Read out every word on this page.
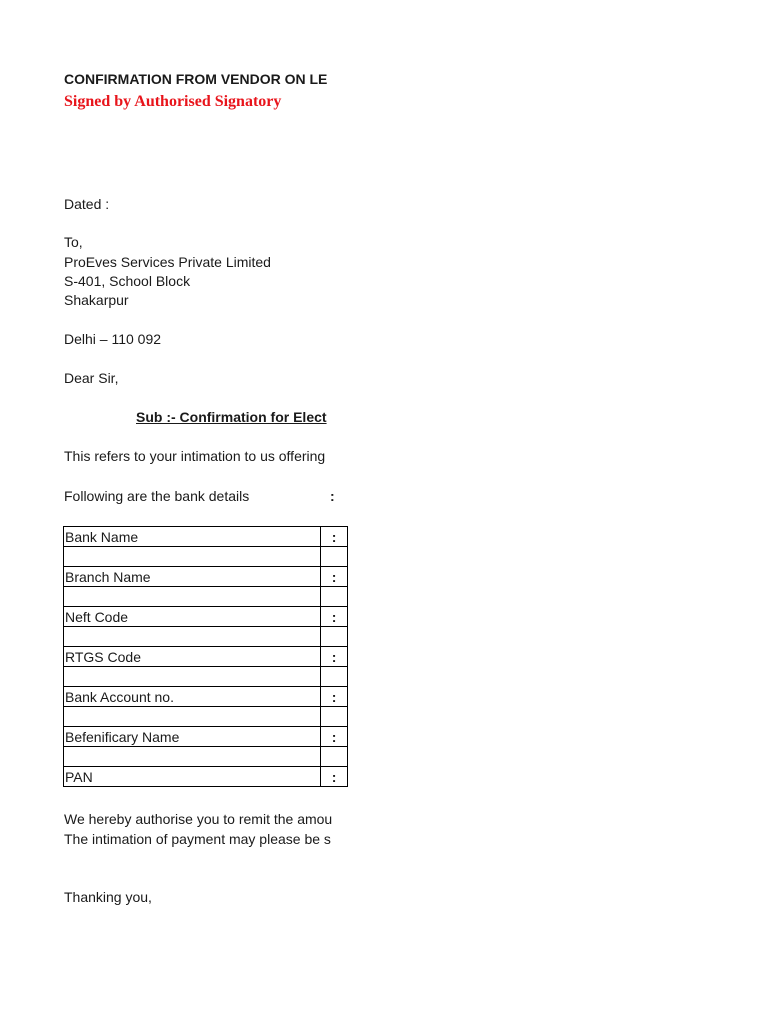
CONFIRMATION FROM VENDOR ON LE
Signed by Authorised Signatory
Dated :
To,
ProEves Services Private Limited
S-401, School Block
Shakarpur
Delhi – 110 092
Dear Sir,
Sub :- Confirmation for Elect
This refers to your intimation to us offering
Following are the bank details	:
Bank Name	:

Branch Name	:

Neft Code	:

RTGS Code	:

Bank Account no.	:

Befenificary Name	:

PAN	:
We hereby authorise you to remit the amou
The intimation of payment may please be s
Thanking you,
